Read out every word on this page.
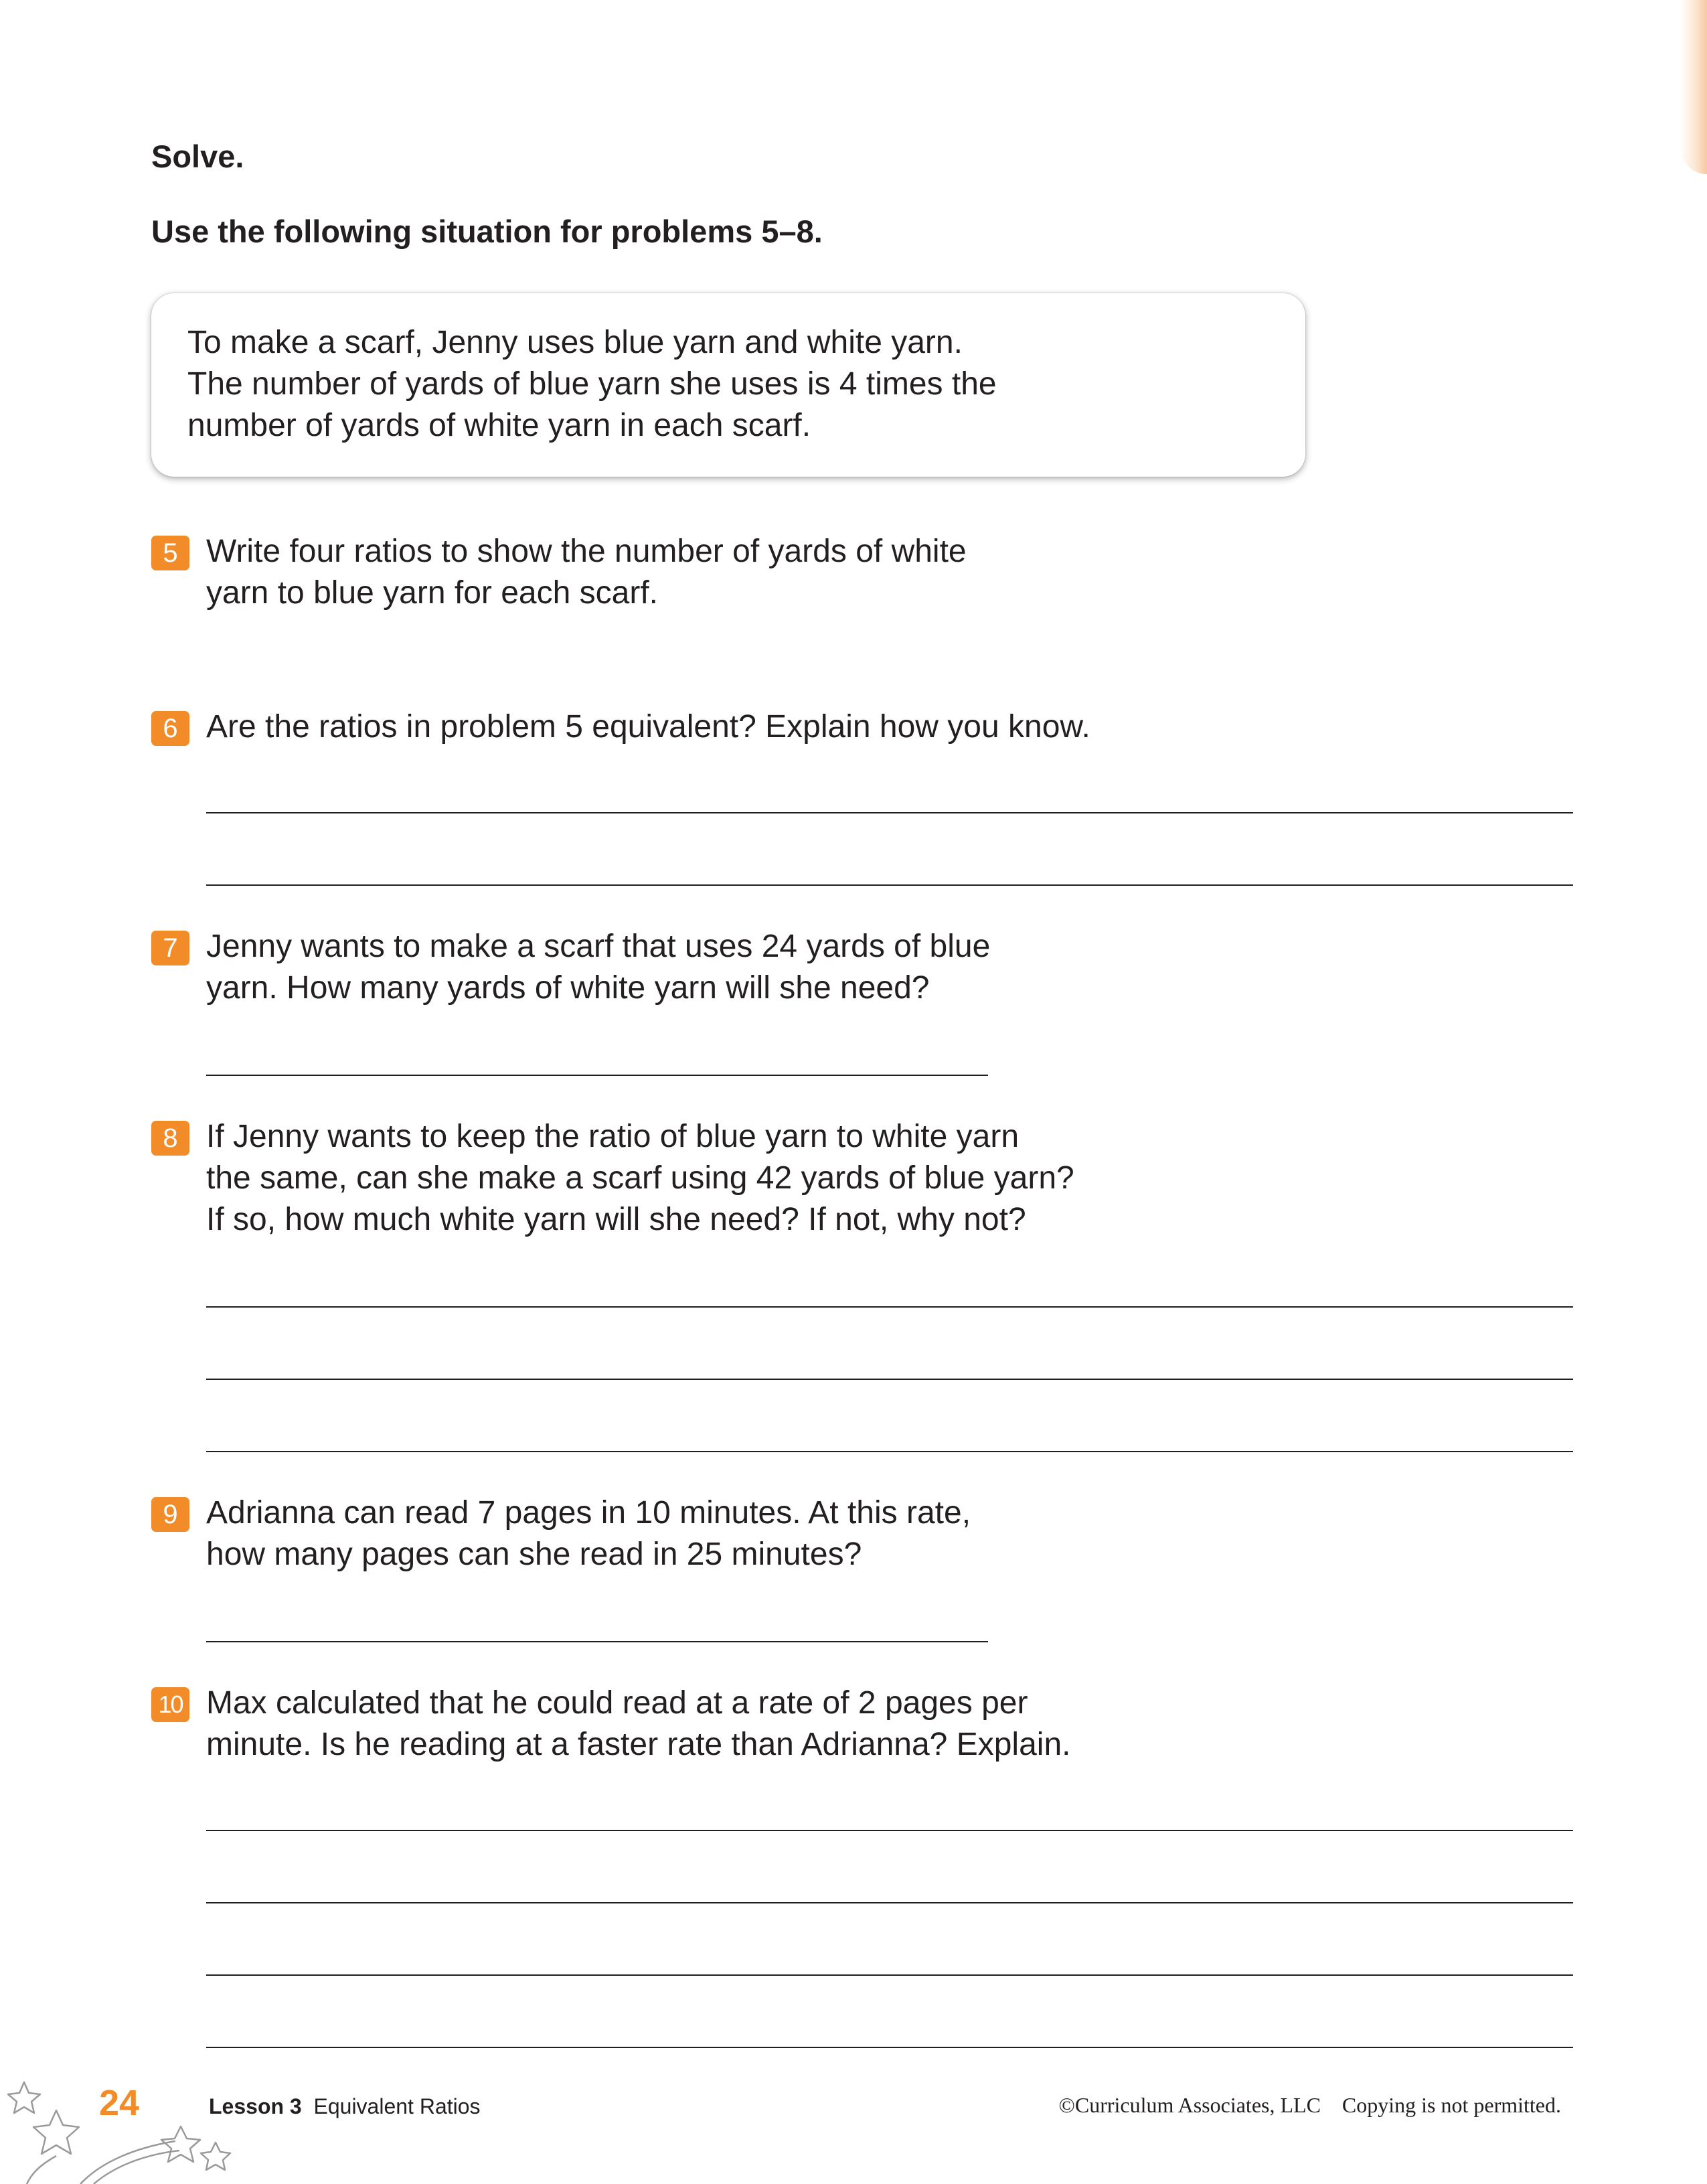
Solve.
Use the following situation for problems 5–8.
To make a scarf, Jenny uses blue yarn and white yarn.
The number of yards of blue yarn she uses is 4 times the
number of yards of white yarn in each scarf.
5 Write four ratios to show the number of yards of white
yarn to blue yarn for each scarf.
6 Are the ratios in problem 5 equivalent? Explain how you know.
7 Jenny wants to make a scarf that uses 24 yards of blue
yarn. How many yards of white yarn will she need?
8 If Jenny wants to keep the ratio of blue yarn to white yarn
the same, can she make a scarf using 42 yards of blue yarn?
If so, how much white yarn will she need? If not, why not?
9 Adrianna can read 7 pages in 10 minutes. At this rate,
how many pages can she read in 25 minutes?
10 Max calculated that he could read at a rate of 2 pages per
minute. Is he reading at a faster rate than Adrianna? Explain.
24	Lesson 3 Equivalent Ratios	©Curriculum Associates, LLC Copying is not permitted.
